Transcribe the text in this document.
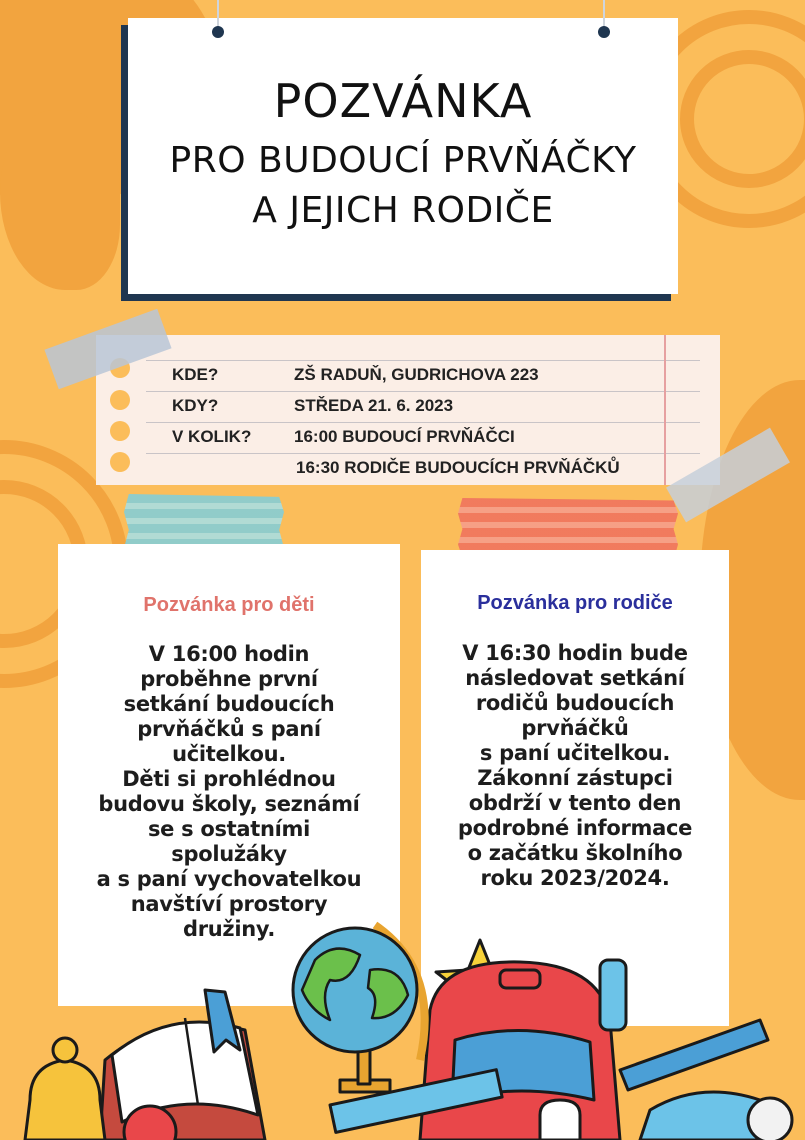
POZVÁNKA
PRO BUDOUCÍ PRVŇÁČKY
A JEJICH RODIČE
KDE?	ZŠ RADUŇ, GUDRICHOVA 223
KDY?	STŘEDA 21. 6. 2023
V KOLIK?	16:00 BUDOUCÍ PRVŇÁČCI
16:30 RODIČE BUDOUCÍCH PRVŇÁČKŮ
Pozvánka pro děti
V 16:00 hodin
proběhne první
setkání budoucích
prvňáčků s paní
učitelkou.
Děti si prohlédnou
budovu školy, seznámí
se s ostatními
spolužáky
a s paní vychovatelkou
navštíví prostory
družiny.
Pozvánka pro rodiče
V 16:30 hodin bude
následovat setkání
rodičů budoucích
prvňáčků
s paní učitelkou.
Zákonní zástupci
obdrží v tento den
podrobné informace
o začátku školního
roku 2023/2024.
